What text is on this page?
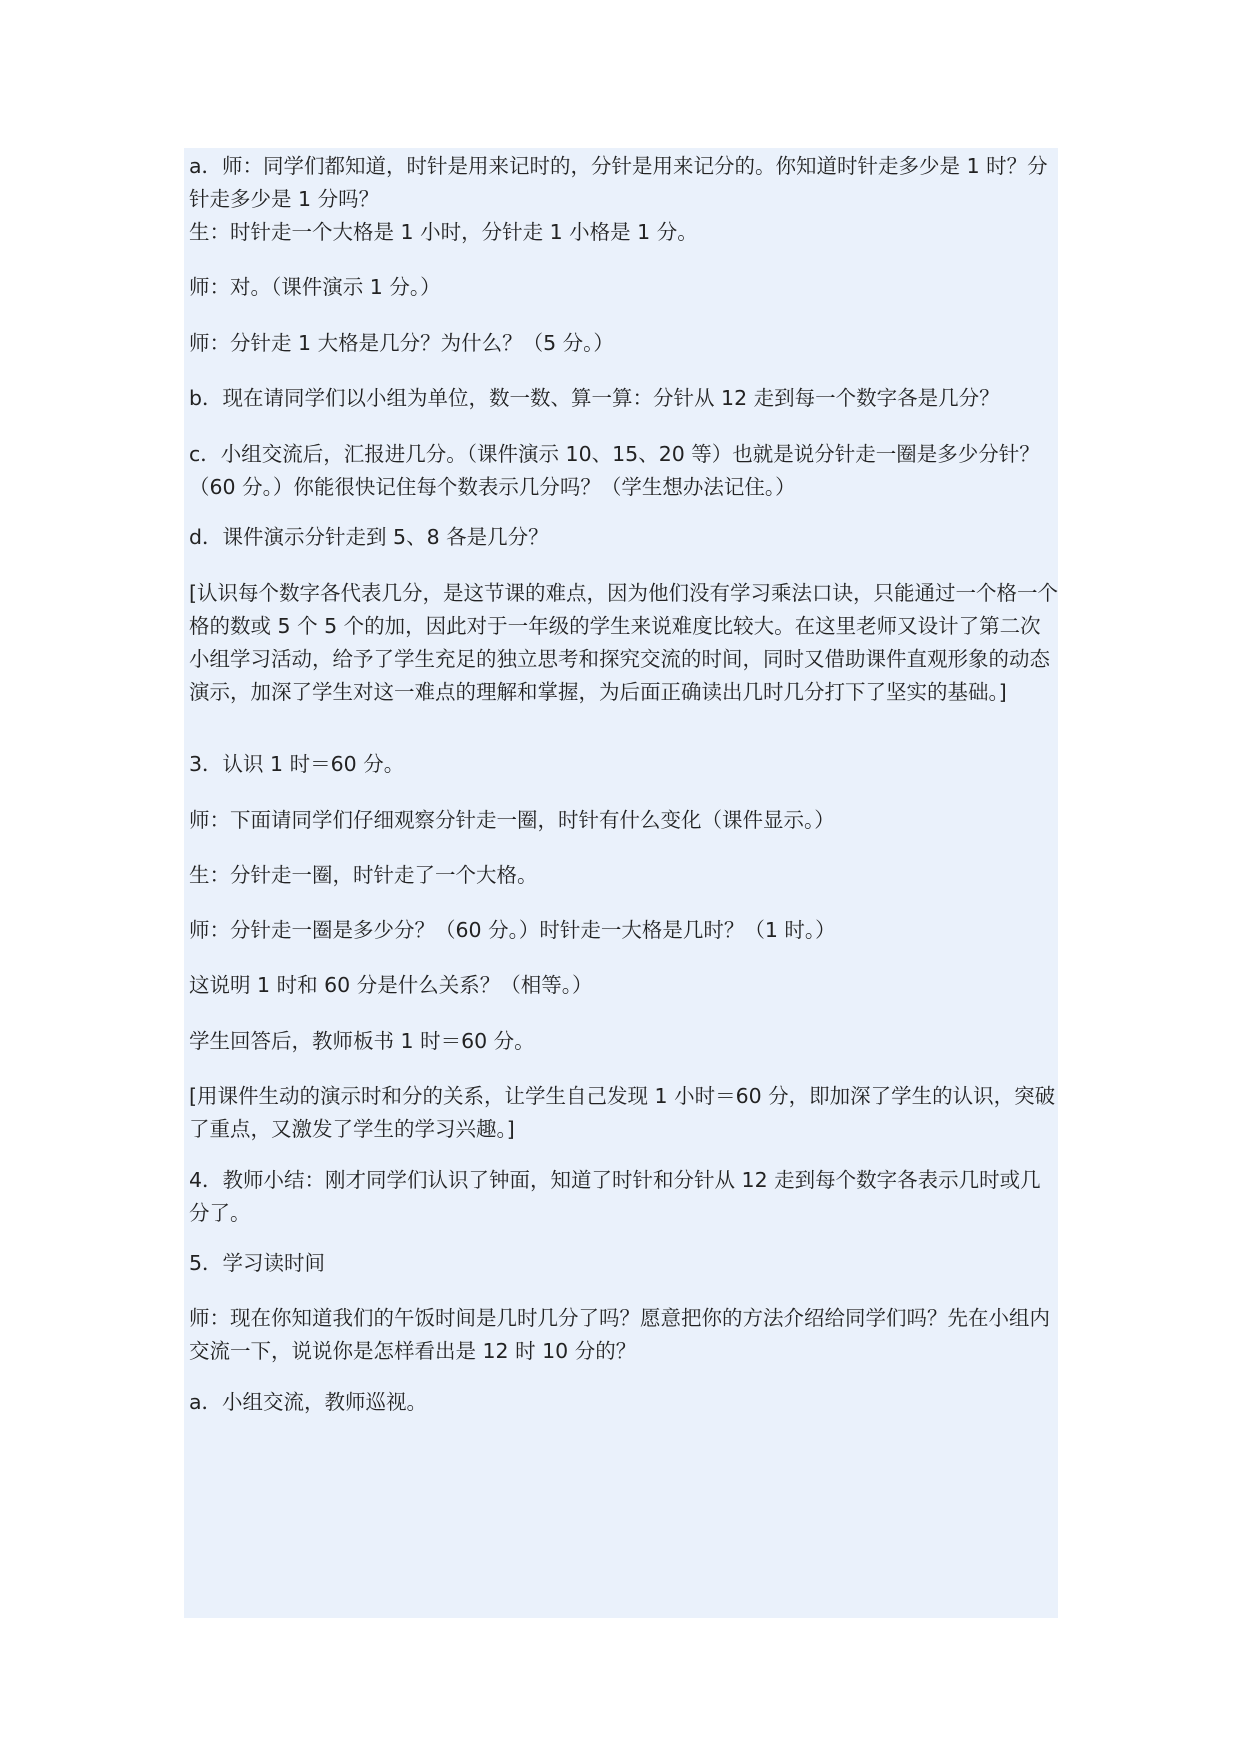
a．师：同学们都知道，时针是用来记时的，分针是用来记分的。你知道时针走多少是 1 时？分针走多少是 1 分吗？

生：时针走一个大格是 1 小时，分针走 1 小格是 1 分。

师：对。（课件演示 1 分。）

师：分针走 1 大格是几分？为什么？（5 分。）

b．现在请同学们以小组为单位，数一数、算一算：分针从 12 走到每一个数字各是几分？

c．小组交流后，汇报进几分。（课件演示 10、15、20 等）也就是说分针走一圈是多少分针？（60 分。）你能很快记住每个数表示几分吗？（学生想办法记住。）

d．课件演示分针走到 5、8 各是几分？

[认识每个数字各代表几分，是这节课的难点，因为他们没有学习乘法口诀，只能通过一个格一个格的数或 5 个 5 个的加，因此对于一年级的学生来说难度比较大。在这里老师又设计了第二次小组学习活动，给予了学生充足的独立思考和探究交流的时间，同时又借助课件直观形象的动态演示，加深了学生对这一难点的理解和掌握，为后面正确读出几时几分打下了坚实的基础。]

3．认识 1 时＝60 分。

师：下面请同学们仔细观察分针走一圈，时针有什么变化（课件显示。）

生：分针走一圈，时针走了一个大格。

师：分针走一圈是多少分？（60 分。）时针走一大格是几时？（1 时。）

这说明 1 时和 60 分是什么关系？（相等。）

学生回答后，教师板书 1 时＝60 分。

[用课件生动的演示时和分的关系，让学生自己发现 1 小时＝60 分，即加深了学生的认识，突破了重点，又激发了学生的学习兴趣。]

4．教师小结：刚才同学们认识了钟面，知道了时针和分针从 12 走到每个数字各表示几时或几分了。

5．学习读时间

师：现在你知道我们的午饭时间是几时几分了吗？愿意把你的方法介绍给同学们吗？先在小组内交流一下，说说你是怎样看出是 12 时 10 分的？

a．小组交流，教师巡视。
